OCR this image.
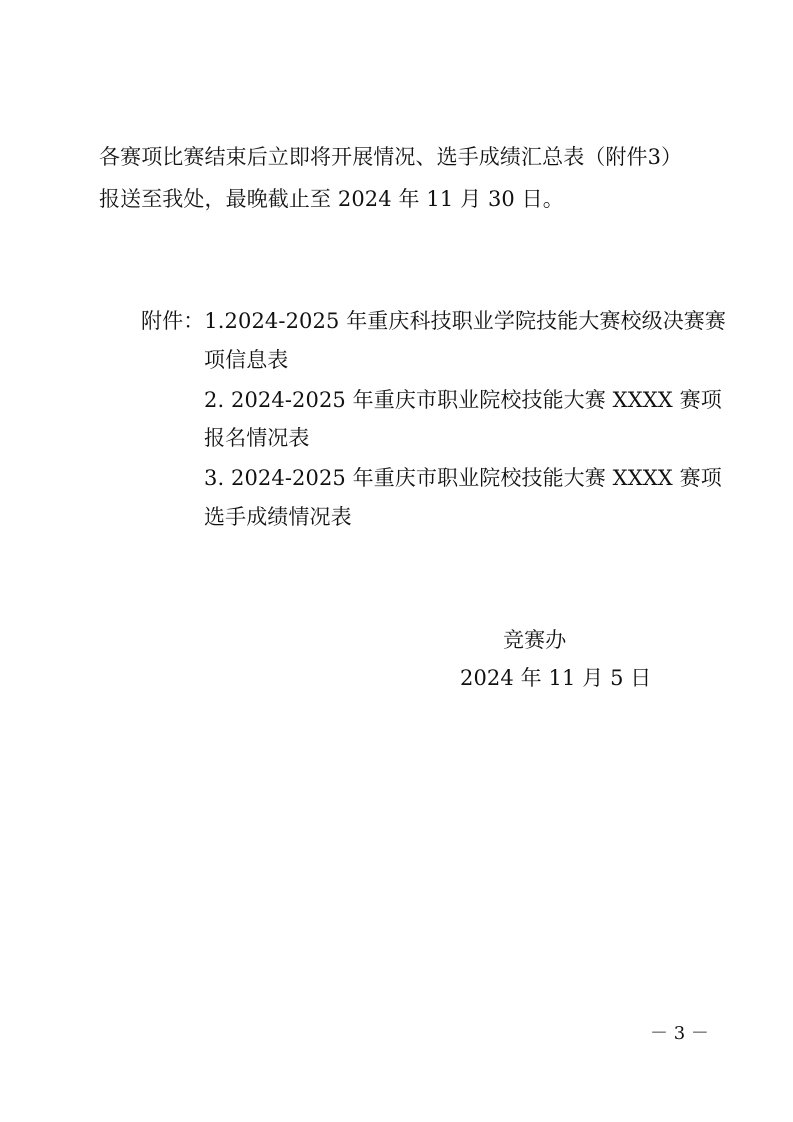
各赛项比赛结束后立即将开展情况、选手成绩汇总表（附件3）
报送至我处，最晚截止至 2024 年 11 月 30 日。
附件：1.2024-2025 年重庆科技职业学院技能大赛校级决赛赛
项信息表
2. 2024-2025 年重庆市职业院校技能大赛 XXXX 赛项
报名情况表
3. 2024-2025 年重庆市职业院校技能大赛 XXXX 赛项
选手成绩情况表
竞赛办
2024 年 11 月 5 日
－ 3 －
